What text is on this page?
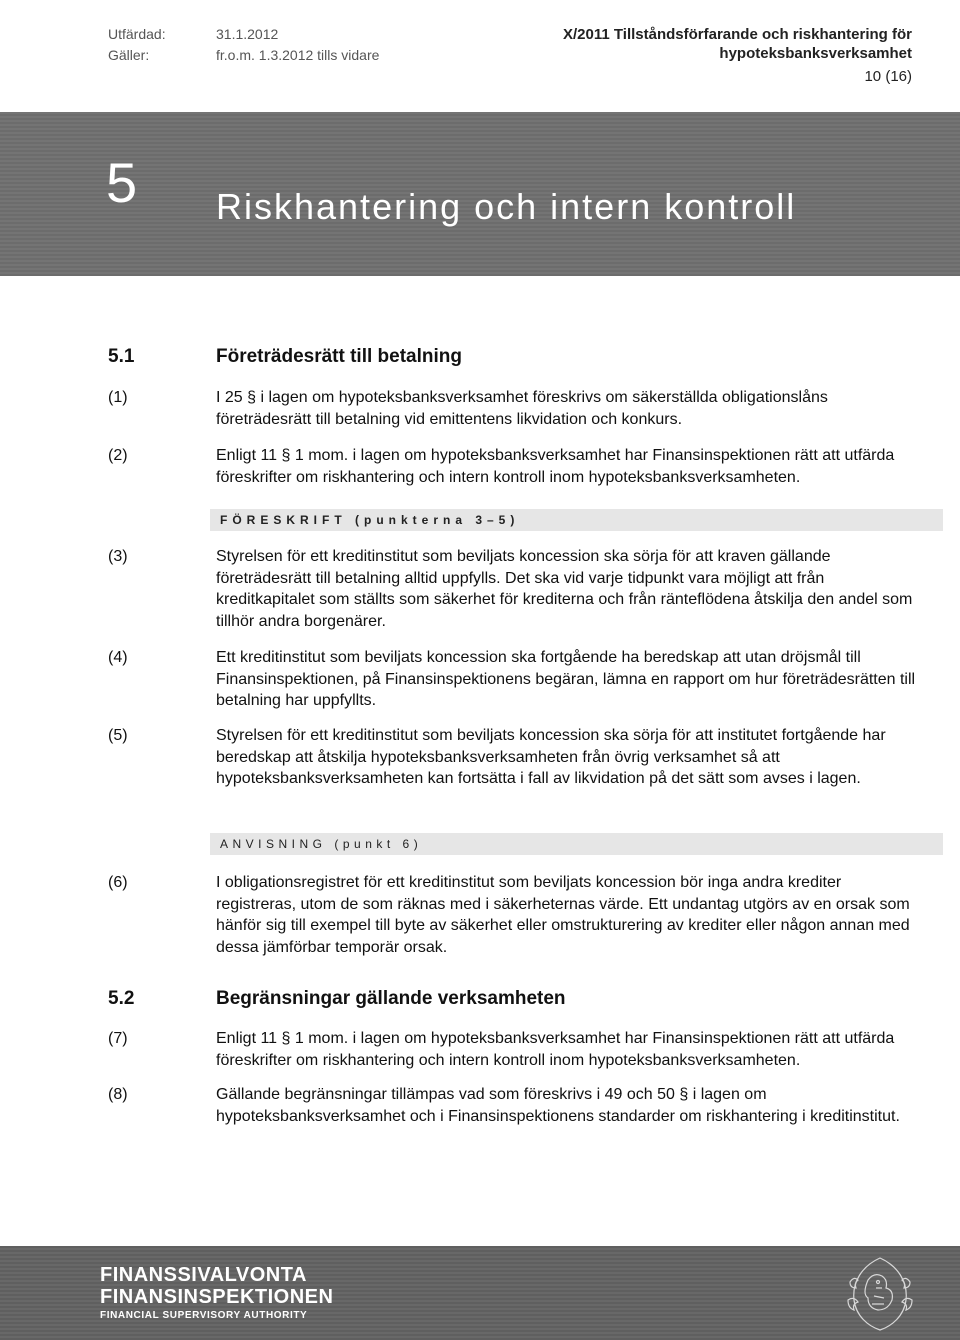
Utfärdad:	31.1.2012
Gäller:	fr.o.m. 1.3.2012 tills vidare
X/2011 Tillståndsförfarande och riskhantering för
hypoteksbanksverksamhet
10 (16)
5 Riskhantering och intern kontroll
5.1	Företrädesrätt till betalning
(1)	I 25 § i lagen om hypoteksbanksverksamhet föreskrivs om säkerställda obligationslåns företrädesrätt till betalning vid emittentens likvidation och konkurs.
(2)	Enligt 11 § 1 mom. i lagen om hypoteksbanksverksamhet har Finansinspektionen rätt att utfärda föreskrifter om riskhantering och intern kontroll inom hypoteksbanksverksamheten.
FÖRESKRIFT (punkterna 3–5)
(3)	Styrelsen för ett kreditinstitut som beviljats koncession ska sörja för att kraven gällande företrädesrätt till betalning alltid uppfylls. Det ska vid varje tidpunkt vara möjligt att från kreditkapitalet som ställts som säkerhet för krediterna och från ränteflödena åtskilja den andel som tillhör andra borgenärer.
(4)	Ett kreditinstitut som beviljats koncession ska fortgående ha beredskap att utan dröjsmål till Finansinspektionen, på Finansinspektionens begäran, lämna en rapport om hur företrädesrätten till betalning har uppfyllts.
(5)	Styrelsen för ett kreditinstitut som beviljats koncession ska sörja för att institutet fortgående har beredskap att åtskilja hypoteksbanksverksamheten från övrig verksamhet så att hypoteksbanksverksamheten kan fortsätta i fall av likvidation på det sätt som avses i lagen.
ANVISNING (punkt 6)
(6)	I obligationsregistret för ett kreditinstitut som beviljats koncession bör inga andra krediter registreras, utom de som räknas med i säkerheternas värde. Ett undantag utgörs av en orsak som hänför sig till exempel till byte av säkerhet eller omstrukturering av krediter eller någon annan med dessa jämförbar temporär orsak.
5.2	Begränsningar gällande verksamheten
(7)	Enligt 11 § 1 mom. i lagen om hypoteksbanksverksamhet har Finansinspektionen rätt att utfärda föreskrifter om riskhantering och intern kontroll inom hypoteksbanksverksamheten.
(8)	Gällande begränsningar tillämpas vad som föreskrivs i 49 och 50 § i lagen om hypoteksbanksverksamhet och i Finansinspektionens standarder om riskhantering i kreditinstitut.
FINANSSIVALVONTA
FINANSINSPEKTIONEN
FINANCIAL SUPERVISORY AUTHORITY
